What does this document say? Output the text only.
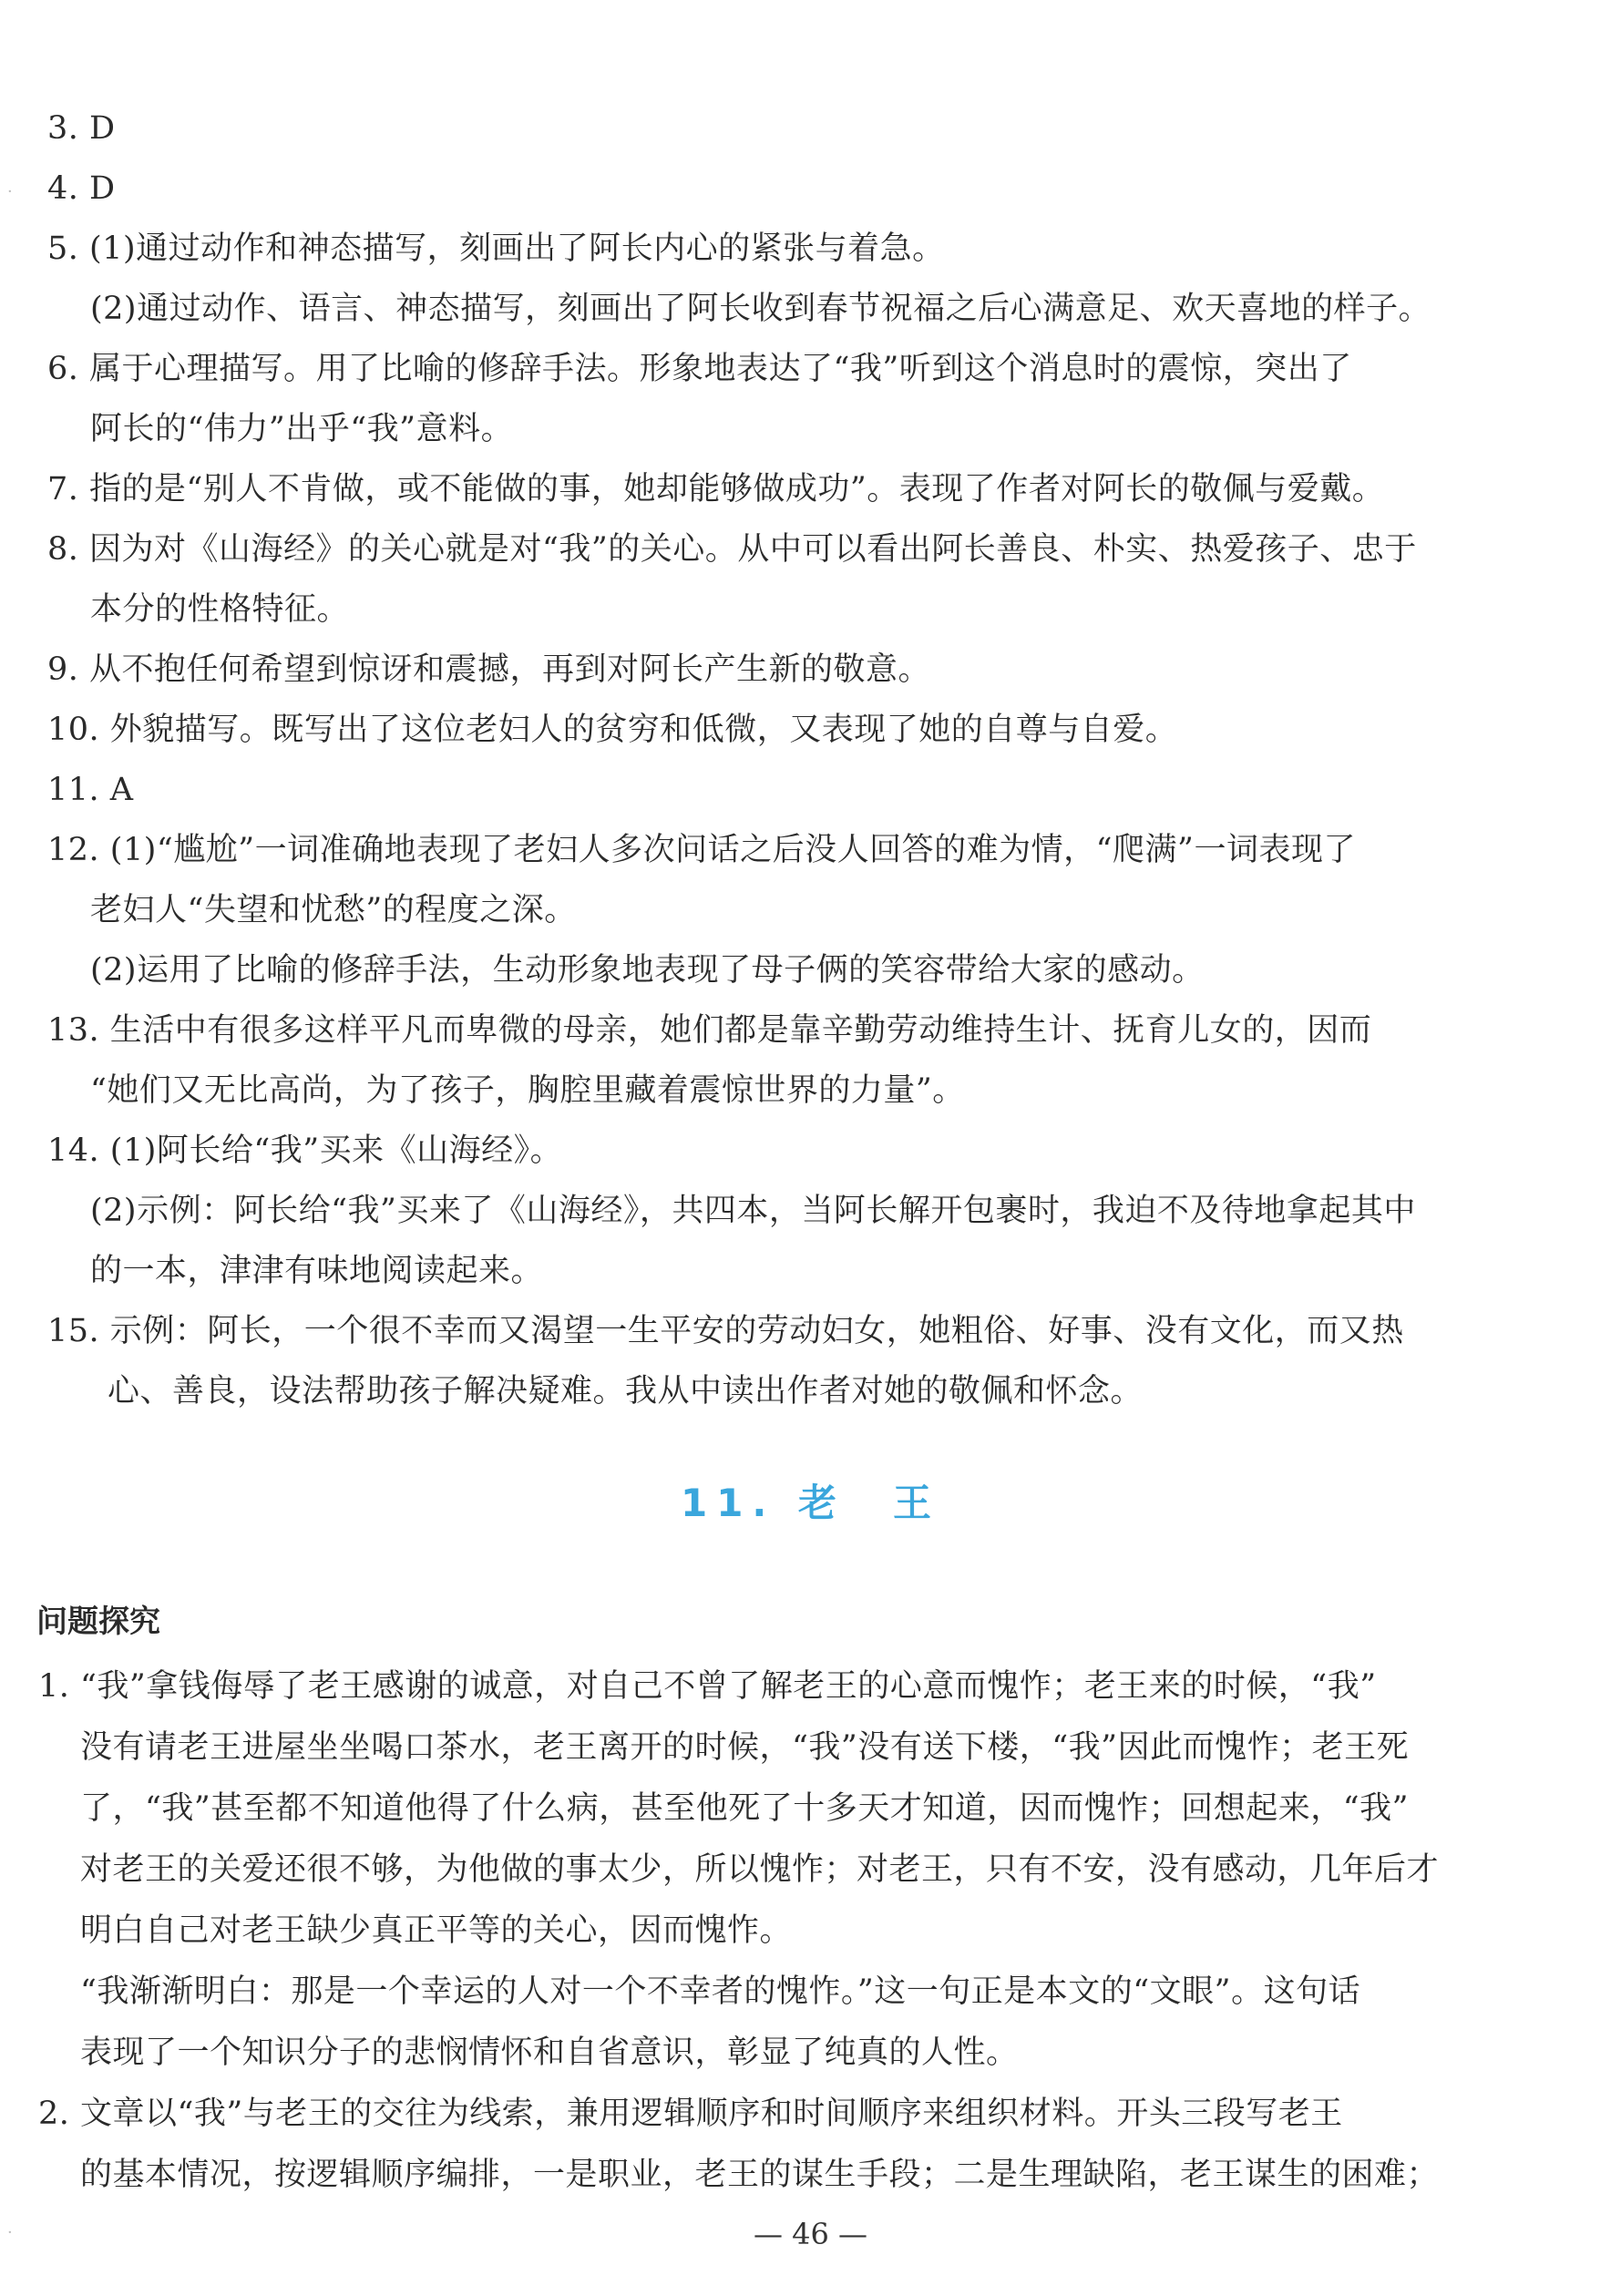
3. D
4. D
5. (1)通过动作和神态描写，刻画出了阿长内心的紧张与着急。
(2)通过动作、语言、神态描写，刻画出了阿长收到春节祝福之后心满意足、欢天喜地的样子。
6. 属于心理描写。用了比喻的修辞手法。形象地表达了“我”听到这个消息时的震惊，突出了
阿长的“伟力”出乎“我”意料。
7. 指的是“别人不肯做，或不能做的事，她却能够做成功”。表现了作者对阿长的敬佩与爱戴。
8. 因为对《山海经》的关心就是对“我”的关心。从中可以看出阿长善良、朴实、热爱孩子、忠于
本分的性格特征。
9. 从不抱任何希望到惊讶和震撼，再到对阿长产生新的敬意。
10. 外貌描写。既写出了这位老妇人的贫穷和低微，又表现了她的自尊与自爱。
11. A
12. (1)“尴尬”一词准确地表现了老妇人多次问话之后没人回答的难为情，“爬满”一词表现了
老妇人“失望和忧愁”的程度之深。
(2)运用了比喻的修辞手法，生动形象地表现了母子俩的笑容带给大家的感动。
13. 生活中有很多这样平凡而卑微的母亲，她们都是靠辛勤劳动维持生计、抚育儿女的，因而
“她们又无比高尚，为了孩子，胸腔里藏着震惊世界的力量”。
14. (1)阿长给“我”买来《山海经》。
(2)示例：阿长给“我”买来了《山海经》，共四本，当阿长解开包裹时，我迫不及待地拿起其中
的一本，津津有味地阅读起来。
15. 示例：阿长，一个很不幸而又渴望一生平安的劳动妇女，她粗俗、好事、没有文化，而又热
心、善良，设法帮助孩子解决疑难。我从中读出作者对她的敬佩和怀念。
11. 老　王
问题探究
1. “我”拿钱侮辱了老王感谢的诚意，对自己不曾了解老王的心意而愧怍；老王来的时候，“我”
没有请老王进屋坐坐喝口茶水，老王离开的时候，“我”没有送下楼，“我”因此而愧怍；老王死
了，“我”甚至都不知道他得了什么病，甚至他死了十多天才知道，因而愧怍；回想起来，“我”
对老王的关爱还很不够，为他做的事太少，所以愧怍；对老王，只有不安，没有感动，几年后才
明白自己对老王缺少真正平等的关心，因而愧怍。
“我渐渐明白：那是一个幸运的人对一个不幸者的愧怍。”这一句正是本文的“文眼”。这句话
表现了一个知识分子的悲悯情怀和自省意识，彰显了纯真的人性。
2. 文章以“我”与老王的交往为线索，兼用逻辑顺序和时间顺序来组织材料。开头三段写老王
的基本情况，按逻辑顺序编排，一是职业，老王的谋生手段；二是生理缺陷，老王谋生的困难；
— 46 —
·
·
